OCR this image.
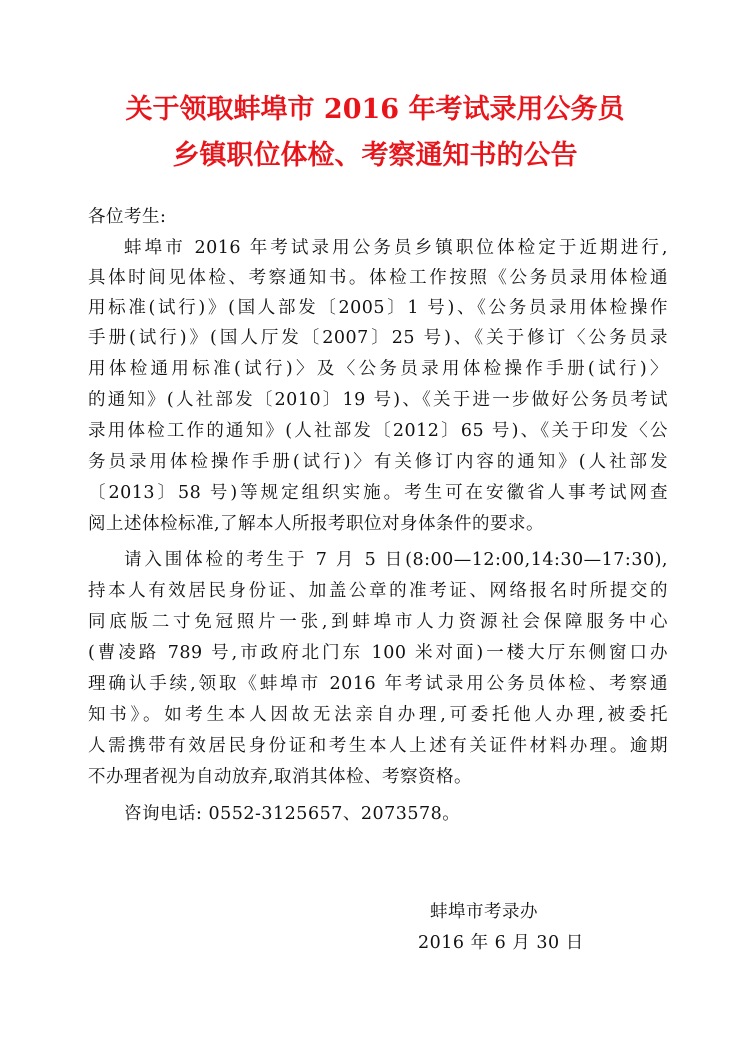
关于领取蚌埠市 2016 年考试录用公务员
乡镇职位体检、考察通知书的公告
各位考生:
蚌埠市 2016 年考试录用公务员乡镇职位体检定于近期进行,
具体时间见体检、考察通知书。体检工作按照《公务员录用体检通
用标准(试行)》(国人部发〔2005〕1 号)、《公务员录用体检操作
手册(试行)》(国人厅发〔2007〕25 号)、《关于修订〈公务员录
用体检通用标准(试行)〉及〈公务员录用体检操作手册(试行)〉
的通知》(人社部发〔2010〕19 号)、《关于进一步做好公务员考试
录用体检工作的通知》(人社部发〔2012〕65 号)、《关于印发〈公
务员录用体检操作手册(试行)〉有关修订内容的通知》(人社部发
〔2013〕58 号)等规定组织实施。考生可在安徽省人事考试网查
阅上述体检标准,了解本人所报考职位对身体条件的要求。
请入围体检的考生于 7 月 5 日(8:00—12:00,14:30—17:30),
持本人有效居民身份证、加盖公章的准考证、网络报名时所提交的
同底版二寸免冠照片一张,到蚌埠市人力资源社会保障服务中心
(曹凌路 789 号,市政府北门东 100 米对面)一楼大厅东侧窗口办
理确认手续,领取《蚌埠市 2016 年考试录用公务员体检、考察通
知书》。如考生本人因故无法亲自办理,可委托他人办理,被委托
人需携带有效居民身份证和考生本人上述有关证件材料办理。逾期
不办理者视为自动放弃,取消其体检、考察资格。
咨询电话: 0552-3125657、2073578。
蚌埠市考录办
2016 年 6 月 30 日
